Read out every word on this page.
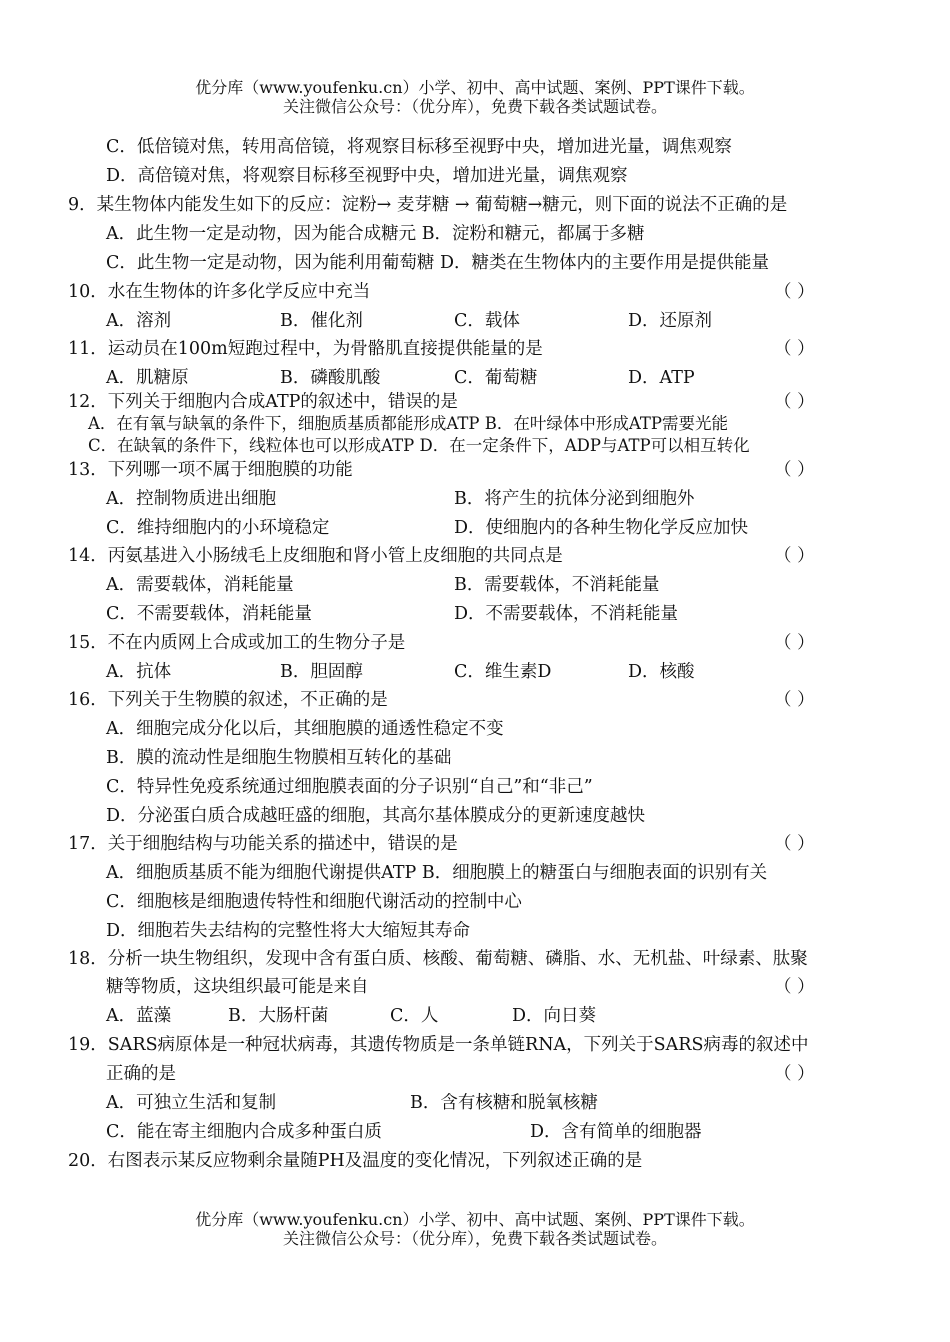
优分库（www.youfenku.cn）小学、初中、高中试题、案例、PPT课件下载。
关注微信公众号：（优分库），免费下载各类试题试卷。
C．低倍镜对焦，转用高倍镜，将观察目标移至视野中央，增加进光量，调焦观察
D．高倍镜对焦，将观察目标移至视野中央，增加进光量，调焦观察
9．某生物体内能发生如下的反应：淀粉→ 麦芽糖 → 葡萄糖→糖元，则下面的说法不正确的是
A．此生物一定是动物，因为能合成糖元 B．淀粉和糖元，都属于多糖
C．此生物一定是动物，因为能利用葡萄糖 D．糖类在生物体内的主要作用是提供能量
10．水在生物体的许多化学反应中充当	（ ）
A．溶剂	B．催化剂	C．载体	D．还原剂
11．运动员在100m短跑过程中，为骨骼肌直接提供能量的是	（ ）
A．肌糖原	B．磷酸肌酸	C．葡萄糖	D．ATP
12．下列关于细胞内合成ATP的叙述中，错误的是	（ ）
A．在有氧与缺氧的条件下，细胞质基质都能形成ATP B．在叶绿体中形成ATP需要光能
C．在缺氧的条件下，线粒体也可以形成ATP D．在一定条件下，ADP与ATP可以相互转化
13．下列哪一项不属于细胞膜的功能	（ ）
A．控制物质进出细胞	B．将产生的抗体分泌到细胞外
C．维持细胞内的小环境稳定	D．使细胞内的各种生物化学反应加快
14．丙氨基进入小肠绒毛上皮细胞和肾小管上皮细胞的共同点是	（ ）
A．需要载体，消耗能量	B．需要载体，不消耗能量
C．不需要载体，消耗能量	D．不需要载体，不消耗能量
15．不在内质网上合成或加工的生物分子是	（ ）
A．抗体	B．胆固醇	C．维生素D	D．核酸
16．下列关于生物膜的叙述，不正确的是	（ ）
A．细胞完成分化以后，其细胞膜的通透性稳定不变
B．膜的流动性是细胞生物膜相互转化的基础
C．特异性免疫系统通过细胞膜表面的分子识别“自己”和“非己”
D．分泌蛋白质合成越旺盛的细胞，其高尔基体膜成分的更新速度越快
17．关于细胞结构与功能关系的描述中，错误的是	（ ）
A．细胞质基质不能为细胞代谢提供ATP B．细胞膜上的糖蛋白与细胞表面的识别有关
C．细胞核是细胞遗传特性和细胞代谢活动的控制中心
D．细胞若失去结构的完整性将大大缩短其寿命
18．分析一块生物组织，发现中含有蛋白质、核酸、葡萄糖、磷脂、水、无机盐、叶绿素、肽聚
糖等物质，这块组织最可能是来自	（ ）
A．蓝藻	B．大肠杆菌	C．人	D．向日葵
19．SARS病原体是一种冠状病毒，其遗传物质是一条单链RNA，下列关于SARS病毒的叙述中
正确的是	（ ）
A．可独立生活和复制	B．含有核糖和脱氧核糖
C．能在寄主细胞内合成多种蛋白质	D．含有简单的细胞器
20．右图表示某反应物剩余量随PH及温度的变化情况，下列叙述正确的是
优分库（www.youfenku.cn）小学、初中、高中试题、案例、PPT课件下载。
关注微信公众号：（优分库），免费下载各类试题试卷。
